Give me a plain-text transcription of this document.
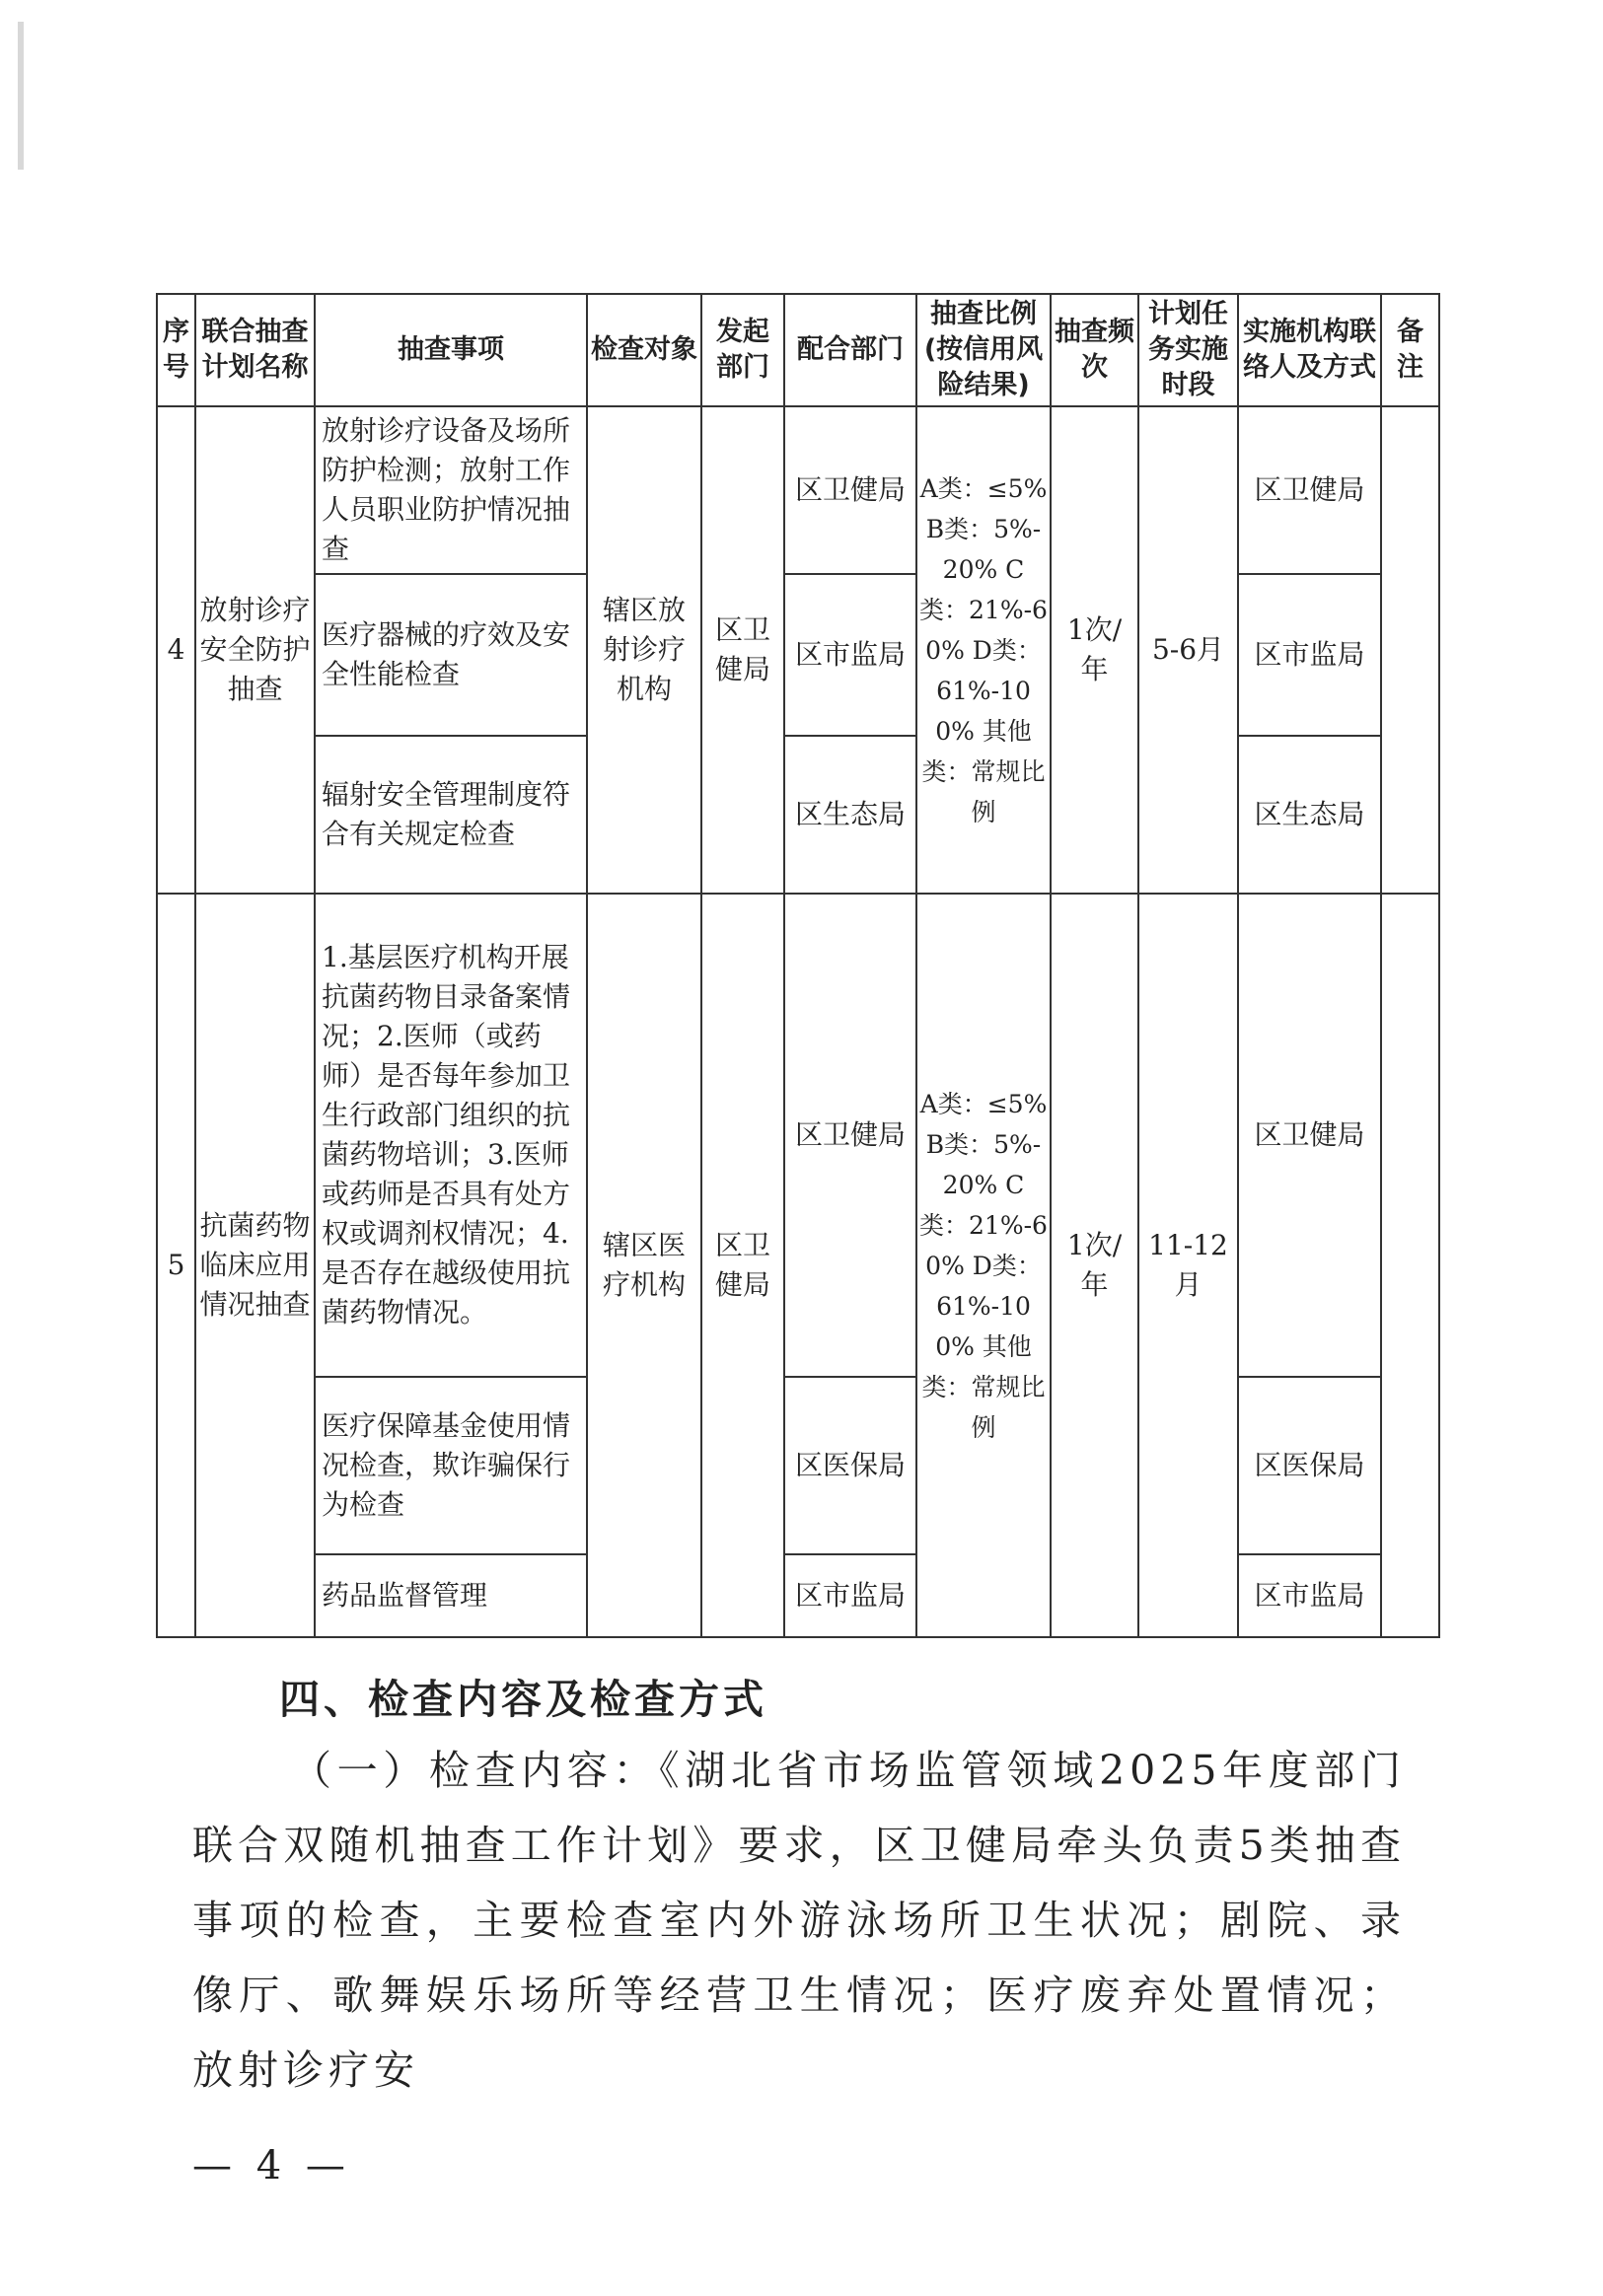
序号	联合抽查计划名称	抽查事项	检查对象	发起部门	配合部门	抽查比例(按信用风险结果)	抽查频次	计划任务实施时段	实施机构联络人及方式	备注
4	放射诊疗安全防护抽查	放射诊疗设备及场所防护检测；放射工作人员职业防护情况抽查	辖区放射诊疗机构	区卫健局	区卫健局	A类：≤5% B类：5%-20% C类：21%-60% D类：61%-100% 其他类：常规比例	1次/年	5-6月	区卫健局	
		医疗器械的疗效及安全性能检查			区市监局				区市监局	
		辐射安全管理制度符合有关规定检查			区生态局				区生态局	
5	抗菌药物临床应用情况抽查	1.基层医疗机构开展抗菌药物目录备案情况；2.医师（或药师）是否每年参加卫生行政部门组织的抗菌药物培训；3.医师或药师是否具有处方权或调剂权情况；4.是否存在越级使用抗菌药物情况。	辖区医疗机构	区卫健局	区卫健局	A类：≤5% B类：5%-20% C类：21%-60% D类：61%-100% 其他类：常规比例	1次/年	11-12月	区卫健局	
		医疗保障基金使用情况检查，欺诈骗保行为检查			区医保局				区医保局	
		药品监督管理			区市监局				区市监局	
四、检查内容及检查方式

（一）检查内容：《湖北省市场监管领域2025年度部门联合双随机抽查工作计划》要求，区卫健局牵头负责5类抽查事项的检查，主要检查室内外游泳场所卫生状况；剧院、录像厅、歌舞娱乐场所等经营卫生情况；医疗废弃处置情况；放射诊疗安

— 4 —
